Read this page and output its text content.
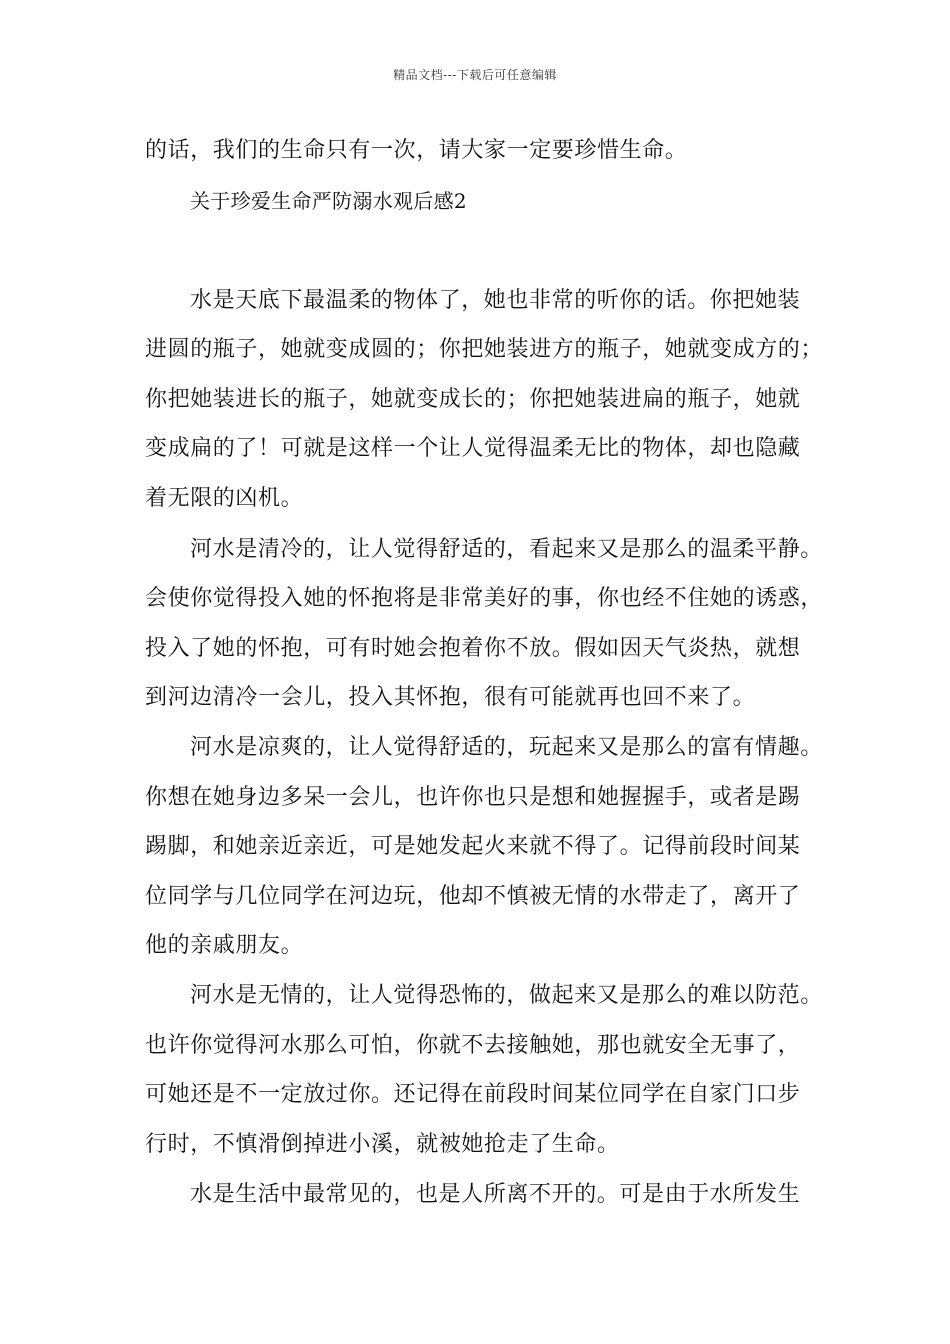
精品文档---下载后可任意编辑
的话，我们的生命只有一次，请大家一定要珍惜生命。
关于珍爱生命严防溺水观后感2
水是天底下最温柔的物体了，她也非常的听你的话。你把她装
进圆的瓶子，她就变成圆的；你把她装进方的瓶子，她就变成方的；
你把她装进长的瓶子，她就变成长的；你把她装进扁的瓶子，她就
变成扁的了！可就是这样一个让人觉得温柔无比的物体，却也隐藏
着无限的凶机。
河水是清冷的，让人觉得舒适的，看起来又是那么的温柔平静。
会使你觉得投入她的怀抱将是非常美好的事，你也经不住她的诱惑，
投入了她的怀抱，可有时她会抱着你不放。假如因天气炎热，就想
到河边清冷一会儿，投入其怀抱，很有可能就再也回不来了。
河水是凉爽的，让人觉得舒适的，玩起来又是那么的富有情趣。
你想在她身边多呆一会儿，也许你也只是想和她握握手，或者是踢
踢脚，和她亲近亲近，可是她发起火来就不得了。记得前段时间某
位同学与几位同学在河边玩，他却不慎被无情的水带走了，离开了
他的亲戚朋友。
河水是无情的，让人觉得恐怖的，做起来又是那么的难以防范。
也许你觉得河水那么可怕，你就不去接触她，那也就安全无事了，
可她还是不一定放过你。还记得在前段时间某位同学在自家门口步
行时，不慎滑倒掉进小溪，就被她抢走了生命。
水是生活中最常见的，也是人所离不开的。可是由于水所发生
